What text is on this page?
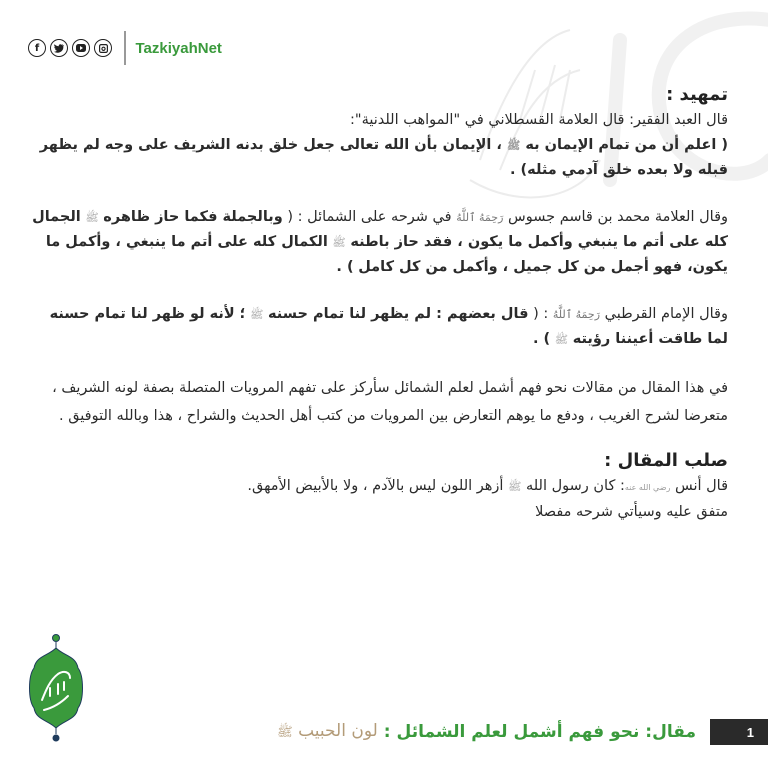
f	TazkiyahNet

تمهيد :

قال العبد الفقير: قال العلامة القسطلاني في "المواهب اللدنية":

( اعلم أن من تمام الإيمان به ﷺ ، الإيمان بأن الله تعالى جعل خلق بدنه الشريف على وجه لم يظهر قبله ولا بعده خلق آدمي مثله) .

وقال العلامة محمد بن قاسم جسوس رَحِمَهُ ٱللَّهُ في شرحه على الشمائل : ( وبالجملة فكما حاز ظاهره ﷺ الجمال كله على أتم ما ينبغي وأكمل ما يكون ، فقد حاز باطنه ﷺ الكمال كله على أتم ما ينبغي ، وأكمل ما يكون، فهو أجمل من كل جميل ، وأكمل من كل كامل ) .

وقال الإمام القرطبي رَحِمَهُ ٱللَّهُ : ( قال بعضهم : لم يظهر لنا تمام حسنه ﷺ ؛ لأنه لو ظهر لنا تمام حسنه لما طاقت أعيننا رؤيته ﷺ ) .

في هذا المقال من مقالات نحو فهم أشمل لعلم الشمائل سأركز على تفهم المرويات المتصلة بصفة لونه الشريف ، متعرضا لشرح الغريب ، ودفع ما يوهم التعارض بين المرويات من كتب أهل الحديث والشراح ، هذا وبالله التوفيق .

صلب المقال :

قال أنس رضي الله عنه: كان رسول الله ﷺ أزهر اللون ليس بالآدم ، ولا بالأبيض الأمهق.

متفق عليه وسيأتي شرحه مفصلا

1
مقال: نحو فهم أشمل لعلم الشمائل :
لون الحبيب ﷺ
